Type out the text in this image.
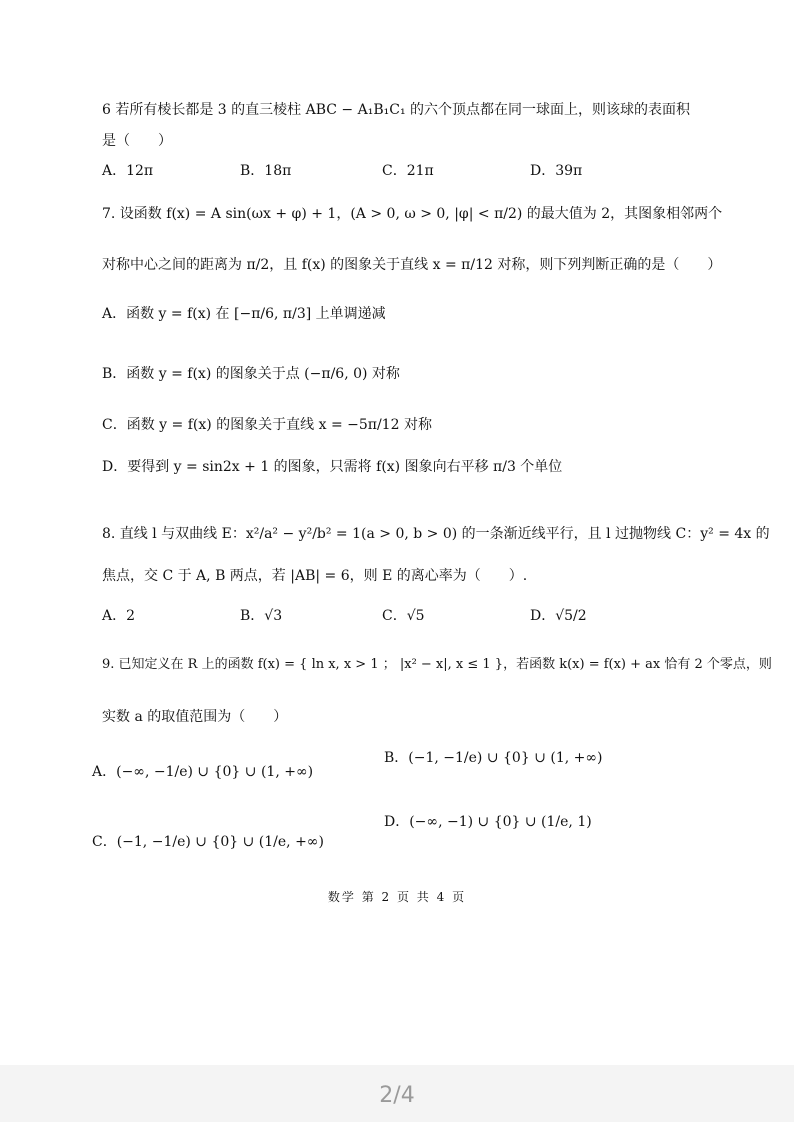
6 若所有棱长都是 3 的直三棱柱 ABC − A₁B₁C₁ 的六个顶点都在同一球面上，则该球的表面积
是（　　）
A．12π	B．18π	C．21π	D．39π
7. 设函数 f(x) = A sin(ωx + φ) + 1，(A > 0, ω > 0, |φ| < π/2) 的最大值为 2，其图象相邻两个
对称中心之间的距离为 π/2，且 f(x) 的图象关于直线 x = π/12 对称，则下列判断正确的是（　　）
A．函数 y = f(x) 在 [−π/6, π/3] 上单调递减
B．函数 y = f(x) 的图象关于点 (−π/6, 0) 对称
C．函数 y = f(x) 的图象关于直线 x = −5π/12 对称
D．要得到 y = sin2x + 1 的图象，只需将 f(x) 图象向右平移 π/3 个单位
8. 直线 l 与双曲线 E：x²/a² − y²/b² = 1(a > 0, b > 0) 的一条渐近线平行，且 l 过抛物线 C：y² = 4x 的
焦点，交 C 于 A, B 两点，若 |AB| = 6，则 E 的离心率为（　　）.
A．2	B．√3	C．√5	D．√5/2
9. 已知定义在 R 上的函数 f(x) = { ln x, x > 1 ； |x² − x|, x ≤ 1 }，若函数 k(x) = f(x) + ax 恰有 2 个零点，则
实数 a 的取值范围为（　　）
A．(−∞, −1/e) ∪ {0} ∪ (1, +∞)
B．(−1, −1/e) ∪ {0} ∪ (1, +∞)
C．(−1, −1/e) ∪ {0} ∪ (1/e, +∞)
D．(−∞, −1) ∪ {0} ∪ (1/e, 1)
数学 第 2 页 共 4 页
2/4
